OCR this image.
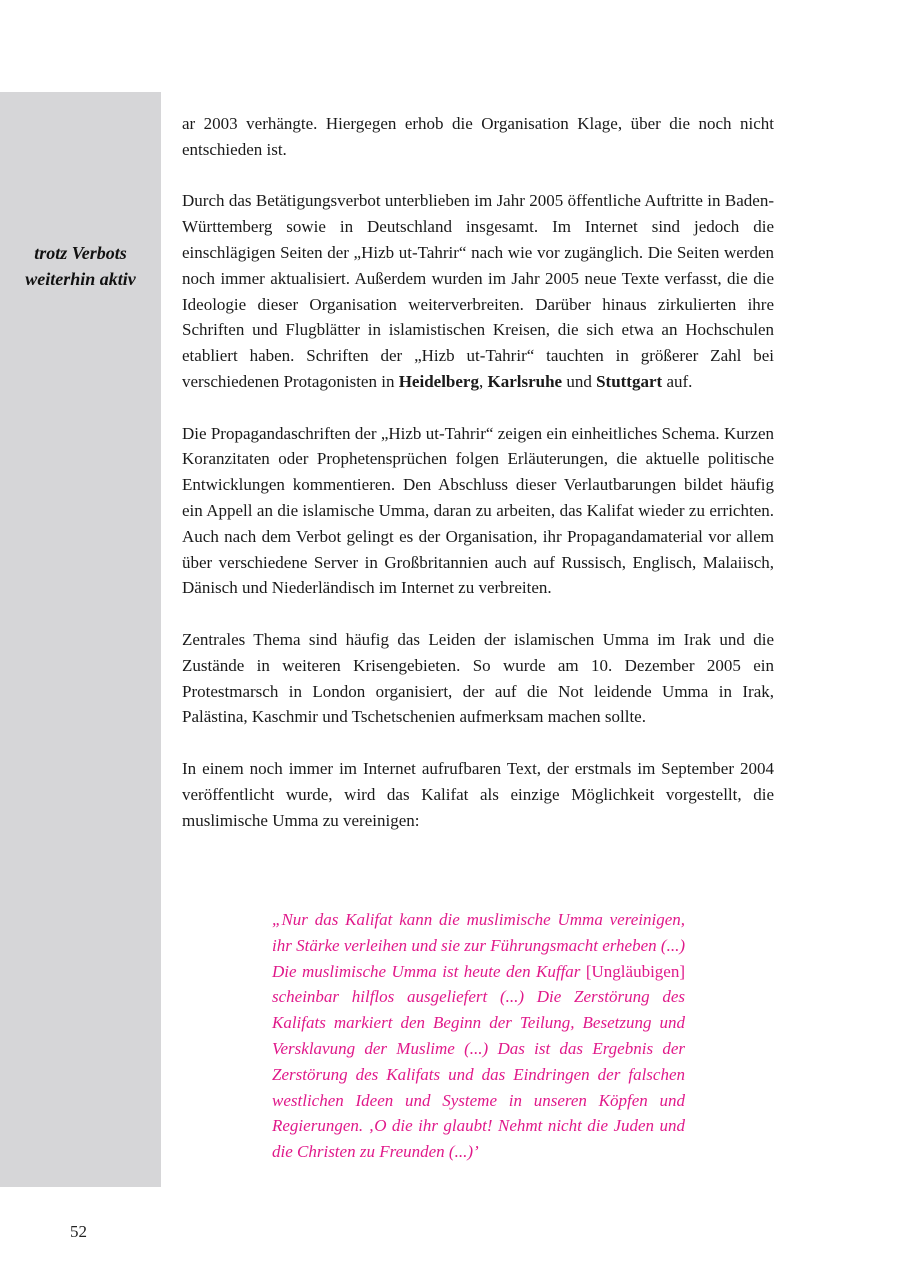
trotz Verbots
weiterhin aktiv

ar 2003 verhängte. Hiergegen erhob die Organisation Klage, über die noch nicht entschieden ist.

Durch das Betätigungsverbot unterblieben im Jahr 2005 öffentliche Auftritte in Baden-Württemberg sowie in Deutschland insgesamt. Im Internet sind jedoch die einschlägigen Seiten der „Hizb ut-Tahrir“ nach wie vor zugänglich. Die Seiten werden noch immer aktualisiert. Außerdem wurden im Jahr 2005 neue Texte verfasst, die die Ideologie dieser Organisation weiterverbreiten. Darüber hinaus zirkulierten ihre Schriften und Flugblätter in islamistischen Kreisen, die sich etwa an Hochschulen etabliert haben. Schriften der „Hizb ut-Tahrir“ tauchten in größerer Zahl bei verschiedenen Protagonisten in Heidelberg, Karlsruhe und Stuttgart auf.

Die Propagandaschriften der „Hizb ut-Tahrir“ zeigen ein einheitliches Schema. Kurzen Koranzitaten oder Prophetensprüchen folgen Erläuterungen, die aktuelle politische Entwicklungen kommentieren. Den Abschluss dieser Verlautbarungen bildet häufig ein Appell an die islamische Umma, daran zu arbeiten, das Kalifat wieder zu errichten. Auch nach dem Verbot gelingt es der Organisation, ihr Propagandamaterial vor allem über verschiedene Server in Großbritannien auch auf Russisch, Englisch, Malaiisch, Dänisch und Niederländisch im Internet zu verbreiten.

Zentrales Thema sind häufig das Leiden der islamischen Umma im Irak und die Zustände in weiteren Krisengebieten. So wurde am 10. Dezember 2005 ein Protestmarsch in London organisiert, der auf die Not leidende Umma in Irak, Palästina, Kaschmir und Tschetschenien aufmerksam machen sollte.

In einem noch immer im Internet aufrufbaren Text, der erstmals im September 2004 veröffentlicht wurde, wird das Kalifat als einzige Möglichkeit vorgestellt, die muslimische Umma zu vereinigen:

„Nur das Kalifat kann die muslimische Umma vereinigen, ihr Stärke verleihen und sie zur Führungsmacht erheben (...) Die muslimische Umma ist heute den Kuffar [Ungläubigen] scheinbar hilflos ausgeliefert (...) Die Zerstörung des Kalifats markiert den Beginn der Teilung, Besetzung und Versklavung der Muslime (...) Das ist das Ergebnis der Zerstörung des Kalifats und das Eindringen der falschen westlichen Ideen und Systeme in unseren Köpfen und Regierungen. ‚O die ihr glaubt! Nehmt nicht die Juden und die Christen zu Freunden (...)’
52
